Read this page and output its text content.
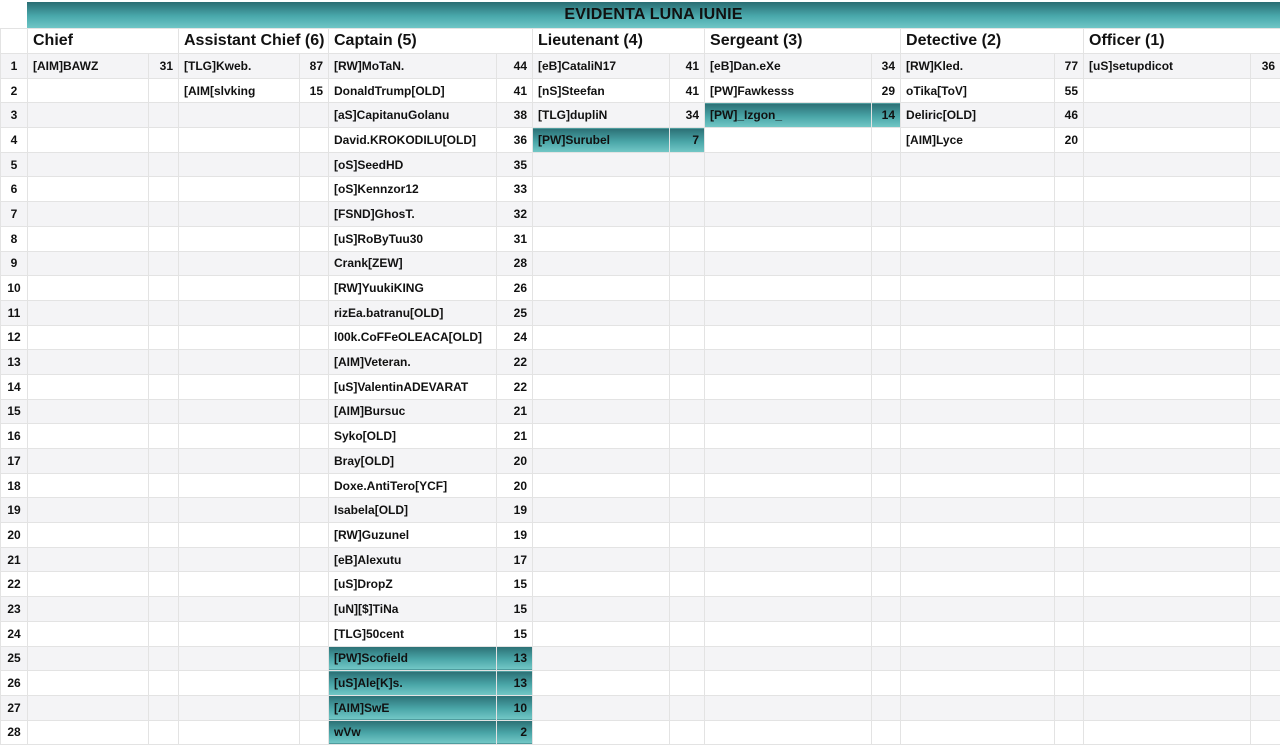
EVIDENTA LUNA IUNIE
	Chief		Assistant Chief (6)		Captain (5)		Lieutenant (4)		Sergeant (3)		Detective (2)		Officer (1)	
1	[AIM]BAWZ	31	[TLG]Kweb.	87	[RW]MoTaN.	44	[eB]CataliN17	41	[eB]Dan.eXe	34	[RW]Kled.	77	[uS]setupdicot	36
2			[AIM[slvking	15	DonaldTrump[OLD]	41	[nS]Steefan	41	[PW]Fawkesss	29	oTika[ToV]	55		
3					[aS]CapitanuGolanu	38	[TLG]dupliN	34	[PW]_Izgon_	14	Deliric[OLD]	46		
4					David.KROKODILU[OLD]	36	[PW]Surubel	7			[AIM]Lyce	20		
5					[oS]SeedHD	35								
6					[oS]Kennzor12	33								
7					[FSND]GhosT.	32								
8					[uS]RoByTuu30	31								
9					Crank[ZEW]	28								
10					[RW]YuukiKING	26								
11					rizEa.batranu[OLD]	25								
12					l00k.CoFFeOLEACA[OLD]	24								
13					[AIM]Veteran.	22								
14					[uS]ValentinADEVARAT	22								
15					[AIM]Bursuc	21								
16					Syko[OLD]	21								
17					Bray[OLD]	20								
18					Doxe.AntiTero[YCF]	20								
19					Isabela[OLD]	19								
20					[RW]Guzunel	19								
21					[eB]Alexutu	17								
22					[uS]DropZ	15								
23					[uN][$]TiNa	15								
24					[TLG]50cent	15								
25					[PW]Scofield	13								
26					[uS]Ale[K]s.	13								
27					[AIM]SwE	10								
28					wVw	2								
